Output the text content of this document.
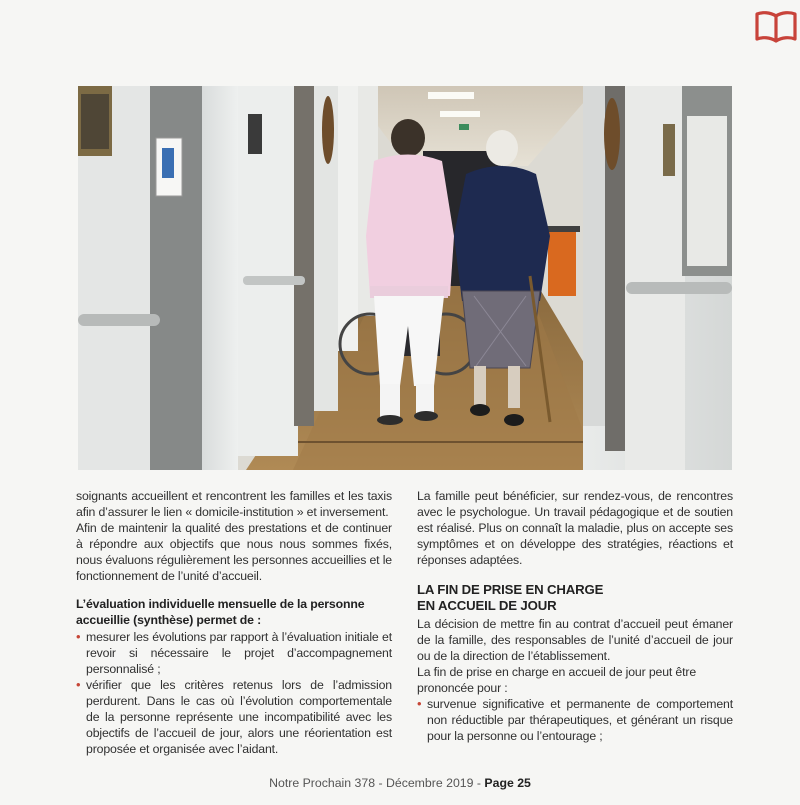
soignants accueillent et rencontrent les familles et les taxis afin d’assurer le lien « domicile-institution » et inversement.

Afin de maintenir la qualité des prestations et de continuer à répondre aux objectifs que nous nous sommes fixés, nous évaluons régulièrement les personnes accueillies et le fonctionnement de l’unité d’accueil.

L’évaluation individuelle mensuelle de la personne accueillie (synthèse) permet de :

• mesurer les évolutions par rapport à l’évaluation initiale et revoir si nécessaire le projet d’accompagnement personnalisé ;
• vérifier que les critères retenus lors de l’admission perdurent. Dans le cas où l’évolution comportementale de la personne représente une incompatibilité avec les objectifs de l’accueil de jour, alors une réorientation est proposée et organisée avec l’aidant.

La famille peut bénéficier, sur rendez-vous, de rencontres avec le psychologue. Un travail pédagogique et de soutien est réalisé. Plus on connaît la maladie, plus on accepte ses symptômes et on développe des stratégies, réactions et réponses adaptées.

LA FIN DE PRISE EN CHARGE
EN ACCUEIL DE JOUR

La décision de mettre fin au contrat d’accueil peut émaner de la famille, des responsables de l’unité d’accueil de jour ou de la direction de l’établissement.

La fin de prise en charge en accueil de jour peut être prononcée pour :

• survenue significative et permanente de comportement non réductible par thérapeutiques, et générant un risque pour la personne ou l’entourage ;
Notre Prochain 378 - Décembre 2019 - Page 25
